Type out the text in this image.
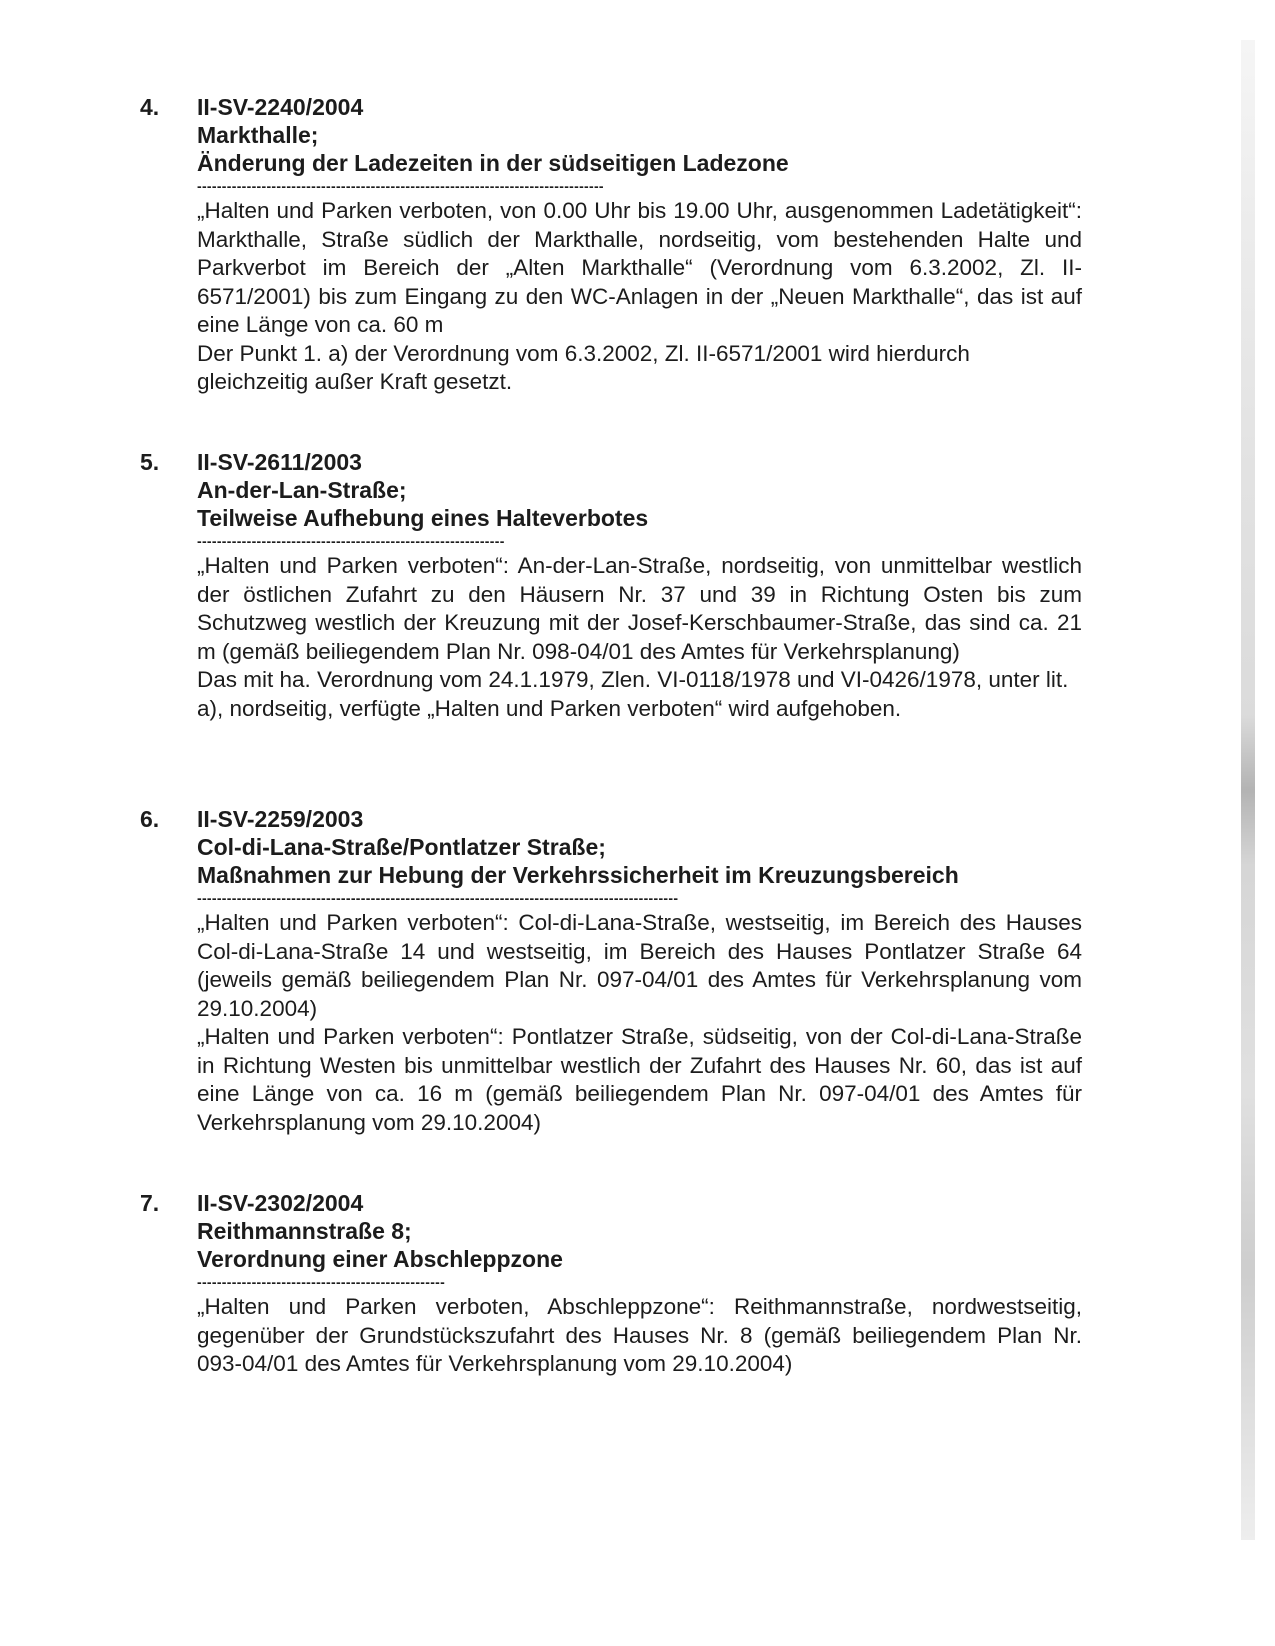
4. II-SV-2240/2004
Markthalle;
Änderung der Ladezeiten in der südseitigen Ladezone
----------------------------------------------------------------------------------

„Halten und Parken verboten, von 0.00 Uhr bis 19.00 Uhr, ausgenommen Ladetätigkeit“: Markthalle, Straße südlich der Markthalle, nordseitig, vom bestehenden Halte und Parkverbot im Bereich der „Alten Markthalle“ (Verordnung vom 6.3.2002, Zl. II-6571/2001) bis zum Eingang zu den WC-Anlagen in der „Neuen Markthalle“, das ist auf eine Länge von ca. 60 m

Der Punkt 1. a) der Verordnung vom 6.3.2002, Zl. II-6571/2001 wird hierdurch gleichzeitig außer Kraft gesetzt.

5. II-SV-2611/2003
An-der-Lan-Straße;
Teilweise Aufhebung eines Halteverbotes
--------------------------------------------------------------

„Halten und Parken verboten“: An-der-Lan-Straße, nordseitig, von unmittelbar westlich der östlichen Zufahrt zu den Häusern Nr. 37 und 39 in Richtung Osten bis zum Schutzweg westlich der Kreuzung mit der Josef-Kerschbaumer-Straße, das sind ca. 21 m (gemäß beiliegendem Plan Nr. 098-04/01 des Amtes für Verkehrsplanung)

Das mit ha. Verordnung vom 24.1.1979, Zlen. VI-0118/1978 und VI-0426/1978, unter lit. a), nordseitig, verfügte „Halten und Parken verboten“ wird aufgehoben.

6. II-SV-2259/2003
Col-di-Lana-Straße/Pontlatzer Straße;
Maßnahmen zur Hebung der Verkehrssicherheit im Kreuzungsbereich
-------------------------------------------------------------------------------------------------

„Halten und Parken verboten“: Col-di-Lana-Straße, westseitig, im Bereich des Hauses Col-di-Lana-Straße 14 und westseitig, im Bereich des Hauses Pontlatzer Straße 64 (jeweils gemäß beiliegendem Plan Nr. 097-04/01 des Amtes für Verkehrsplanung vom 29.10.2004)

„Halten und Parken verboten“: Pontlatzer Straße, südseitig, von der Col-di-Lana-Straße in Richtung Westen bis unmittelbar westlich der Zufahrt des Hauses Nr. 60, das ist auf eine Länge von ca. 16 m (gemäß beiliegendem Plan Nr. 097-04/01 des Amtes für Verkehrsplanung vom 29.10.2004)

7. II-SV-2302/2004
Reithmannstraße 8;
Verordnung einer Abschleppzone
--------------------------------------------------

„Halten und Parken verboten, Abschleppzone“: Reithmannstraße, nordwestseitig, gegenüber der Grundstückszufahrt des Hauses Nr. 8 (gemäß beiliegendem Plan Nr. 093-04/01 des Amtes für Verkehrsplanung vom 29.10.2004)
